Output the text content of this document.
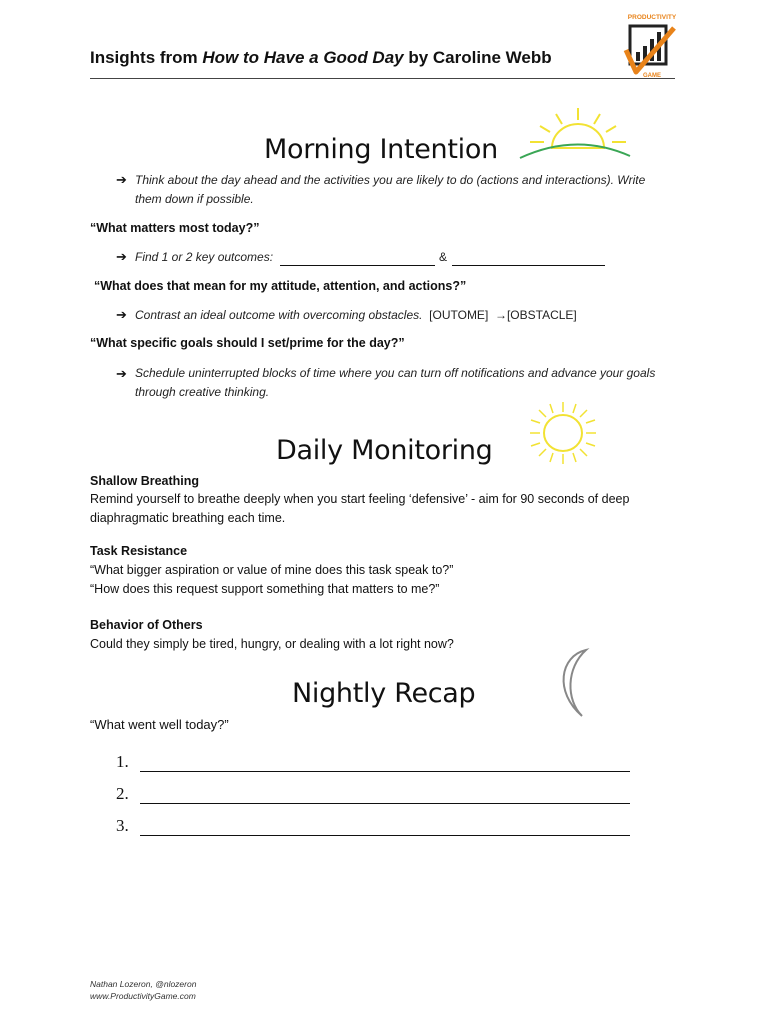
Insights from How to Have a Good Day by Caroline Webb
PRODUCTIVITY
GAME
Morning Intention
➔ Think about the day ahead and the activities you are likely to do (actions and interactions). Write them down if possible.
“What matters most today?”
➔ Find 1 or 2 key outcomes:	&
“What does that mean for my attitude, attention, and actions?”
➔ Contrast an ideal outcome with overcoming obstacles. [OUTOME] →[OBSTACLE]
“What specific goals should I set/prime for the day?”
➔ Schedule uninterrupted blocks of time where you can turn off notifications and advance your goals through creative thinking.
Daily Monitoring
Shallow Breathing
Remind yourself to breathe deeply when you start feeling ‘defensive’ - aim for 90 seconds of deep diaphragmatic breathing each time.
Task Resistance
“What bigger aspiration or value of mine does this task speak to?”
“How does this request support something that matters to me?”
Behavior of Others
Could they simply be tired, hungry, or dealing with a lot right now?
Nightly Recap
“What went well today?”
1.
2.
3.
Nathan Lozeron, @nlozeron
www.ProductivityGame.com
